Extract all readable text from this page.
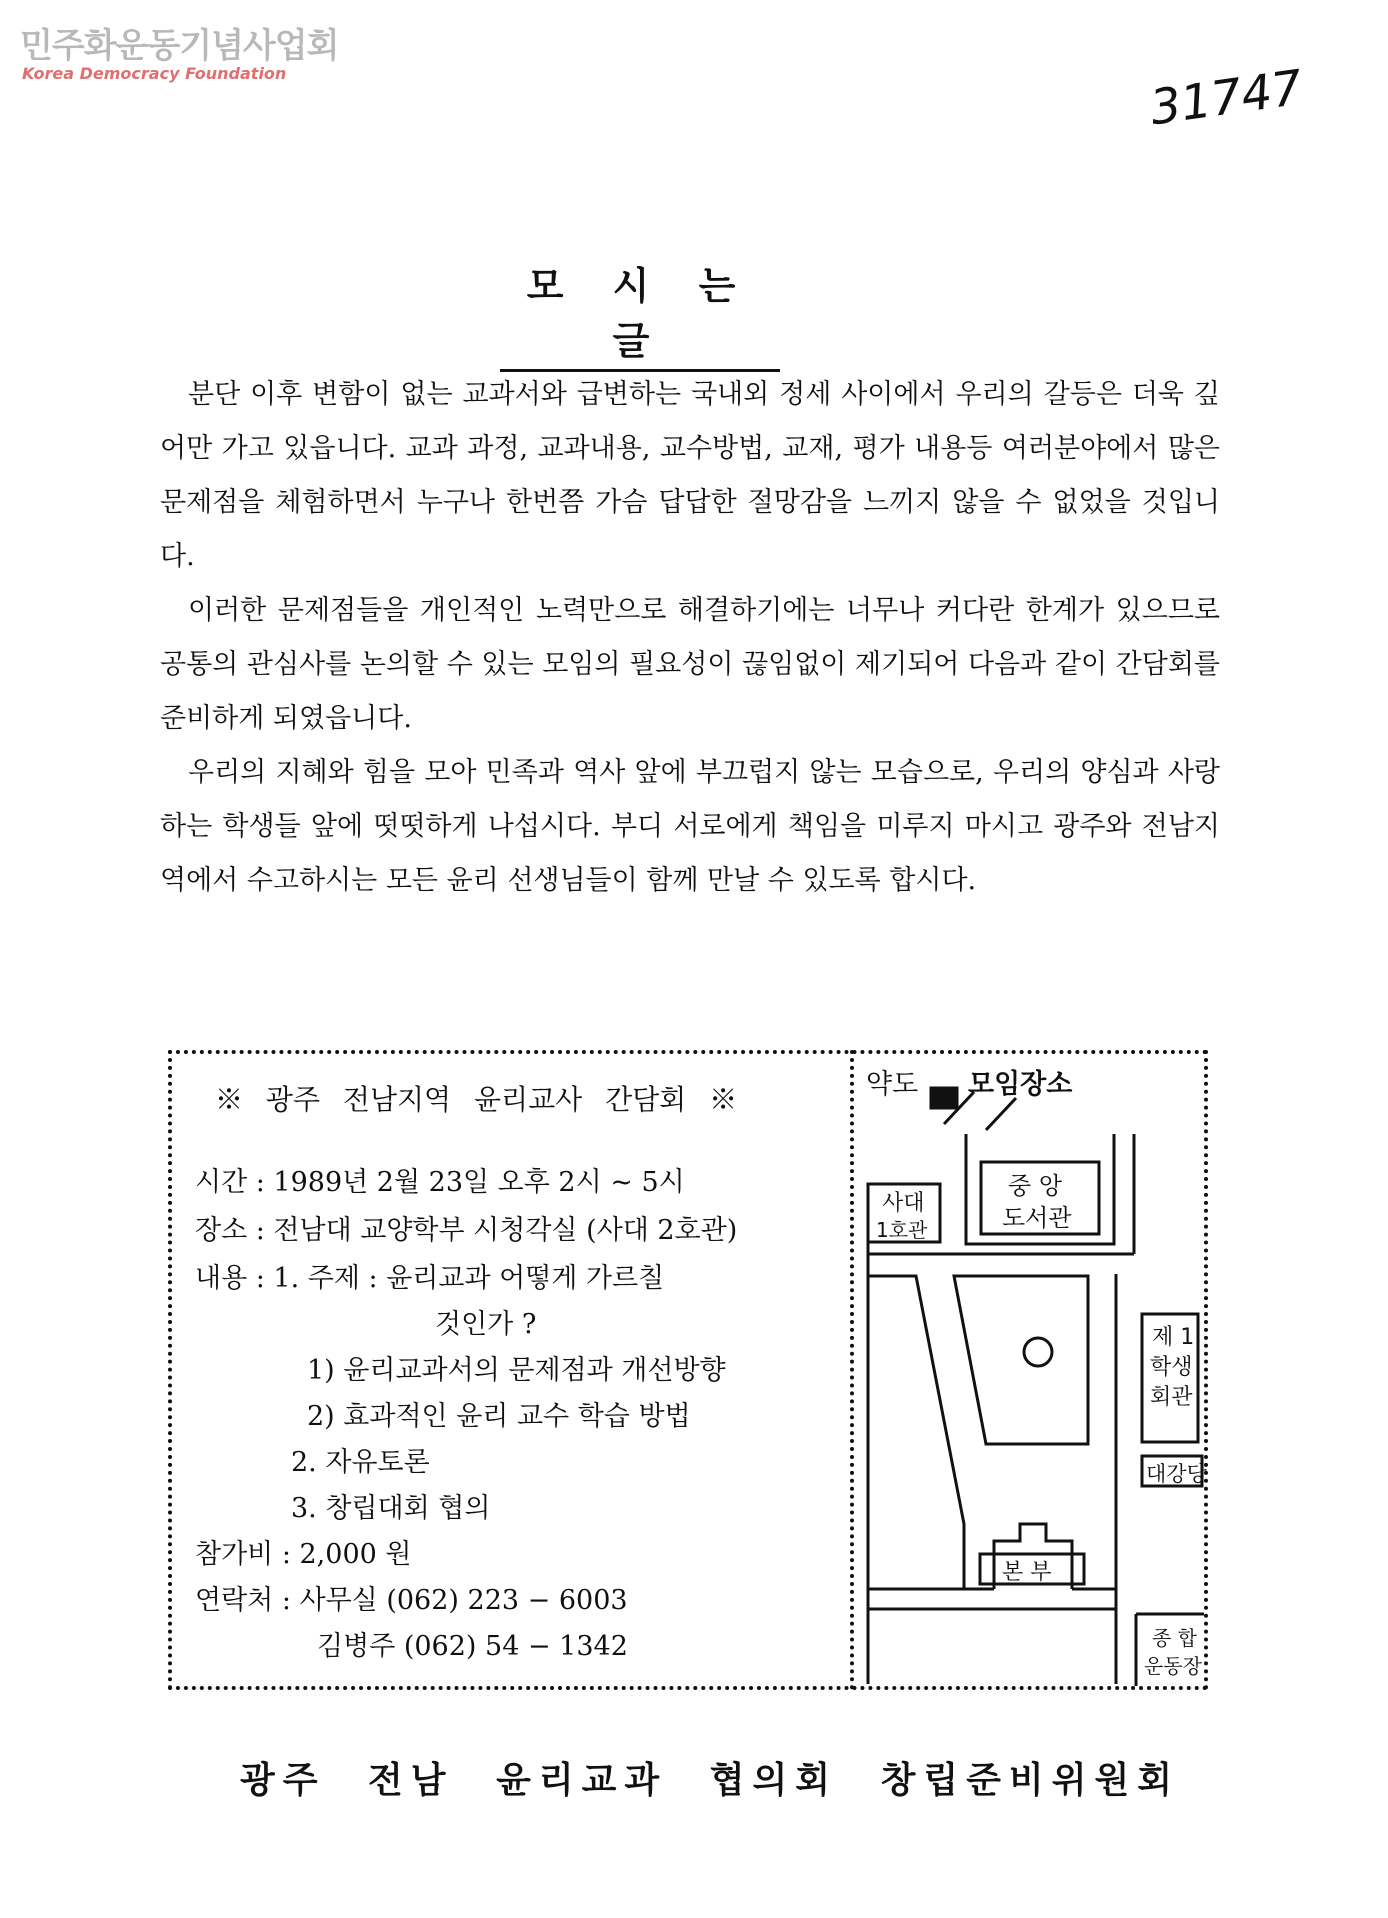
민주화운동기념사업회
Korea Democracy Foundation	31747
모 시 는 글

분단 이후 변함이 없는 교과서와 급변하는 국내외 정세 사이에서 우리의 갈등은 더욱 깊어만 가고 있읍니다. 교과 과정, 교과내용, 교수방법, 교재, 평가 내용등 여러분야에서 많은 문제점을 체험하면서 누구나 한번쯤 가슴 답답한 절망감을 느끼지 않을 수 없었을 것입니다.

이러한 문제점들을 개인적인 노력만으로 해결하기에는 너무나 커다란 한계가 있으므로 공통의 관심사를 논의할 수 있는 모임의 필요성이 끊임없이 제기되어 다음과 같이 간담회를 준비하게 되였읍니다.

우리의 지혜와 힘을 모아 민족과 역사 앞에 부끄럽지 않는 모습으로, 우리의 양심과 사랑하는 학생들 앞에 떳떳하게 나섭시다. 부디 서로에게 책임을 미루지 마시고 광주와 전남지역에서 수고하시는 모든 윤리 선생님들이 함께 만날 수 있도록 합시다.

※ 광주 전남지역 윤리교사 간담회 ※
시간 : 1989년 2월 23일 오후 2시 ~ 5시
장소 : 전남대 교양학부 시청각실 (사대 2호관)
내용 : 1. 주제 : 윤리교과 어떻게 가르칠
것인가 ?
1) 윤리교과서의 문제점과 개선방향
2) 효과적인 윤리 교수 학습 방법
2. 자유토론
3. 창립대회 협의
참가비 : 2,000 원
연락처 : 사무실 (062) 223 − 6003
김병주 (062) 54 − 1342
약도 모임장소
사대
1호관
중 앙
도서관
제 1
학생
회관
대강당
본 부
종 합
운동장
광주 전남 윤리교과 협의회 창립준비위원회
